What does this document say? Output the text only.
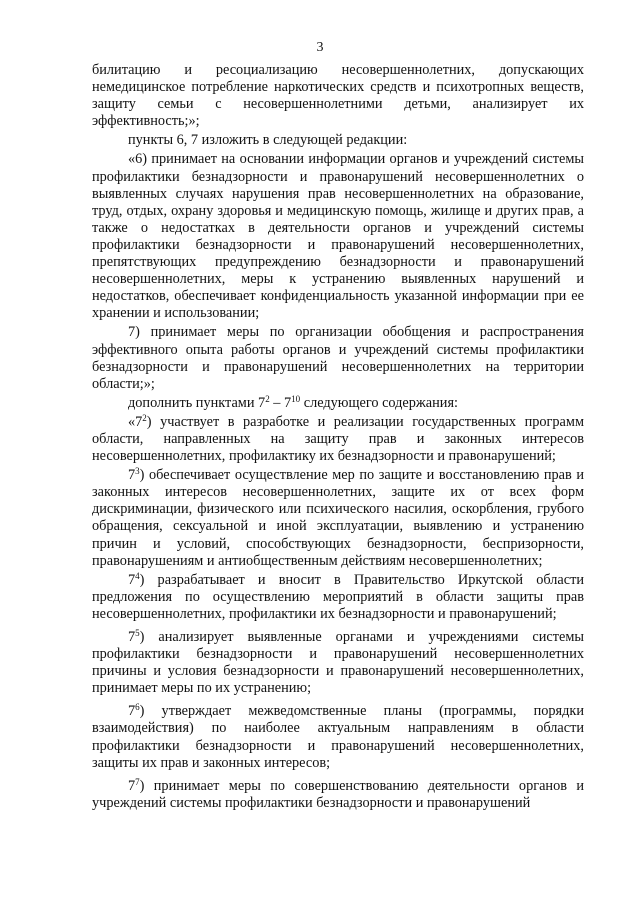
3

билитацию и ресоциализацию несовершеннолетних, допускающих немедицинское потребление наркотических средств и психотропных веществ, защиту семьи с несовершеннолетними детьми, анализирует их эффективность;»;

пункты 6, 7 изложить в следующей редакции:

«6) принимает на основании информации органов и учреждений системы профилактики безнадзорности и правонарушений несовершеннолетних о выявленных случаях нарушения прав несовершеннолетних на образование, труд, отдых, охрану здоровья и медицинскую помощь, жилище и других прав, а также о недостатках в деятельности органов и учреждений системы профилактики безнадзорности и правонарушений несовершеннолетних, препятствующих предупреждению безнадзорности и правонарушений несовершеннолетних, меры к устранению выявленных нарушений и недостатков, обеспечивает конфиденциальность указанной информации при ее хранении и использовании;

7) принимает меры по организации обобщения и распространения эффективного опыта работы органов и учреждений системы профилактики безнадзорности и правонарушений несовершеннолетних на территории области;»;

дополнить пунктами $7^2 - 7^{10}$ следующего содержания:

«$7^2$) участвует в разработке и реализации государственных программ области, направленных на защиту прав и законных интересов несовершеннолетних, профилактику их безнадзорности и правонарушений;

$7^3$) обеспечивает осуществление мер по защите и восстановлению прав и законных интересов несовершеннолетних, защите их от всех форм дискриминации, физического или психического насилия, оскорбления, грубого обращения, сексуальной и иной эксплуатации, выявлению и устранению причин и условий, способствующих безнадзорности, беспризорности, правонарушениям и антиобщественным действиям несовершеннолетних;

$7^4$) разрабатывает и вносит в Правительство Иркутской области предложения по осуществлению мероприятий в области защиты прав несовершеннолетних, профилактики их безнадзорности и правонарушений;

$7^5$) анализирует выявленные органами и учреждениями системы профилактики безнадзорности и правонарушений несовершеннолетних причины и условия безнадзорности и правонарушений несовершеннолетних, принимает меры по их устранению;

$7^6$) утверждает межведомственные планы (программы, порядки взаимодействия) по наиболее актуальным направлениям в области профилактики безнадзорности и правонарушений несовершеннолетних, защиты их прав и законных интересов;

$7^7$) принимает меры по совершенствованию деятельности органов и учреждений системы профилактики безнадзорности и правонарушений
